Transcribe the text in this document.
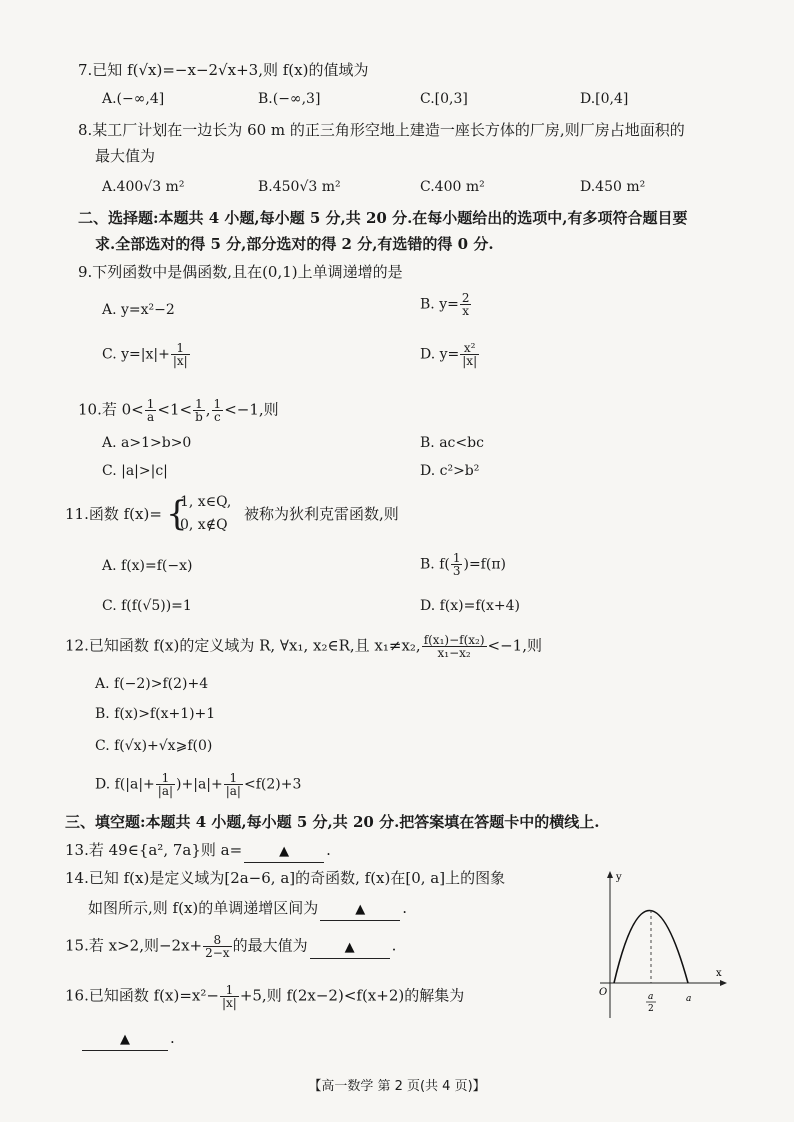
7.已知 f(√x)=−x−2√x+3,则 f(x)的值域为
A.(−∞,4]	B.(−∞,3]	C.[0,3]	D.[0,4]
8.某工厂计划在一边长为 60 m 的正三角形空地上建造一座长方体的厂房,则厂房占地面积的
最大值为
A.400√3 m²	B.450√3 m²	C.400 m²	D.450 m²
二、选择题:本题共 4 小题,每小题 5 分,共 20 分.在每小题给出的选项中,有多项符合题目要
求.全部选对的得 5 分,部分选对的得 2 分,有选错的得 0 分.
9.下列函数中是偶函数,且在(0,1)上单调递增的是
A. y=x²−2	B. $y= \frac{2}{x}$
C. $y=|x|+ \frac{1}{|x|}$	D. $y= \frac{\text{x²}}{|x|}$
10.若 $0< \frac{1}{a} <1< \frac{1}{b}$ , $\frac{1}{c} <-1$,则
A. a>1>b>0	B. ac<bc
C. |a|>|c|	D. c²>b²
11.函数 f(x)= {
1, x∈Q,
0, x∉Q
被称为狄利克雷函数,则
A. f(x)=f(−x)	B. $f( \frac{1}{3} )=f(\pi)$
C. f(f(√5))=1	D. f(x)=f(x+4)
12.已知函数 f(x)的定义域为 R, ∀x₁, x₂∈R,且 x₁≠x₂, $\frac{\text{f(x₁)−f(x₂)}}{\text{x₁−x₂}} <-1$,则
A. f(−2)>f(2)+4
B. f(x)>f(x+1)+1
C. f(√x)+√x⩾f(0)
D. $f(|a|+ \frac{1}{|a|} )+|a|+ \frac{1}{|a|} <f(2)+3$
三、填空题:本题共 4 小题,每小题 5 分,共 20 分.把答案填在答题卡中的横线上.
13.若 49∈{a², 7a}则 a=	▲ .
14.已知 f(x)是定义域为[2a−6, a]的奇函数, f(x)在[0, a]上的图象
如图所示,则 f(x)的单调递增区间为	▲ .
15.若 x>2,则$-2x+ \frac{8}{2-x}$ 的最大值为	▲ .
16.已知函数 $f(x)=x^2- \frac{1}{|x|} +5$,则 f(2x−2)<f(x+2)的解集为
▲	.
y
x
O	a
2
a
【高一数学 第 2 页(共 4 页)】
